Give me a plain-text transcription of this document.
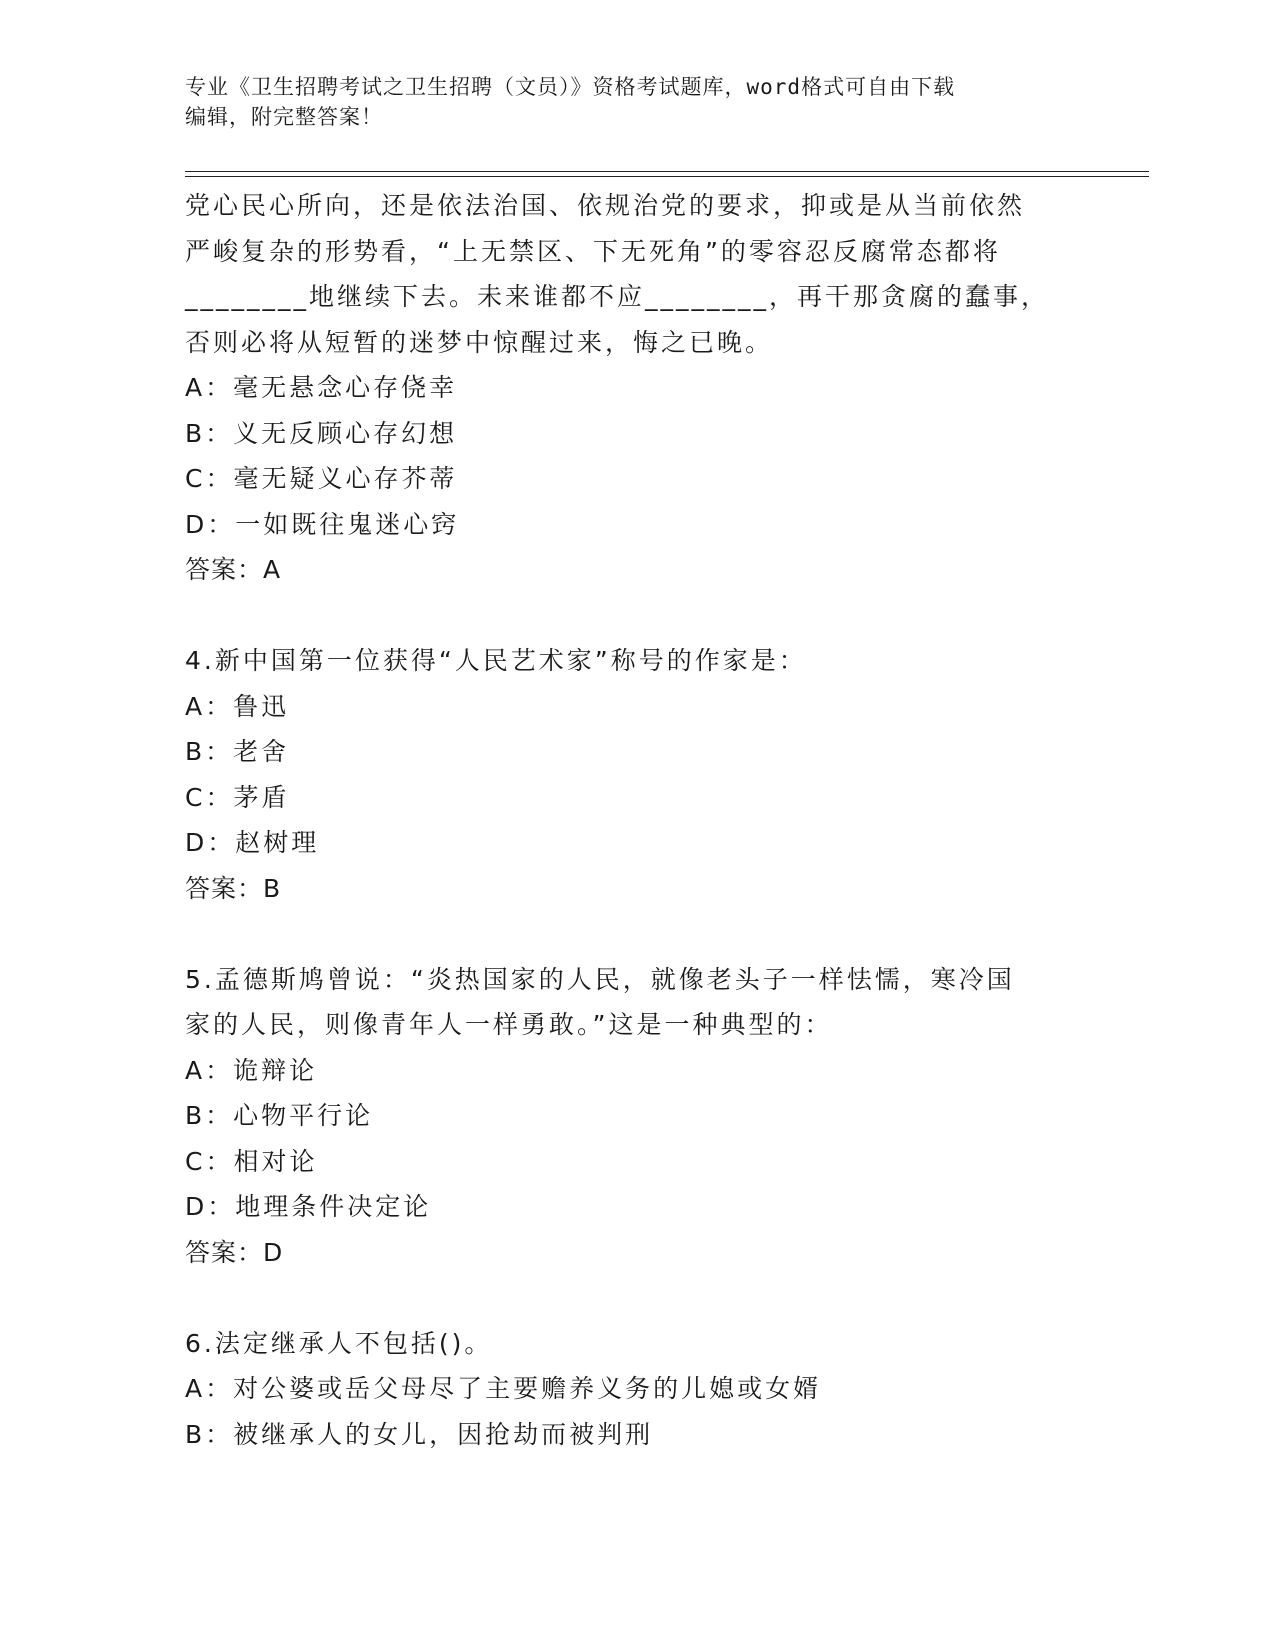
专业《卫生招聘考试之卫生招聘（文员）》资格考试题库，word格式可自由下载
编辑，附完整答案！
党心民心所向，还是依法治国、依规治党的要求，抑或是从当前依然
严峻复杂的形势看，“上无禁区、下无死角”的零容忍反腐常态都将
________地继续下去。未来谁都不应________，再干那贪腐的蠢事，
否则必将从短暂的迷梦中惊醒过来，悔之已晚。
A：毫无悬念心存侥幸
B：义无反顾心存幻想
C：毫无疑义心存芥蒂
D：一如既往鬼迷心窍
答案：A
4.新中国第一位获得“人民艺术家”称号的作家是：
A：鲁迅
B：老舍
C：茅盾
D：赵树理
答案：B
5.孟德斯鸠曾说：“炎热国家的人民，就像老头子一样怯懦，寒冷国
家的人民，则像青年人一样勇敢。”这是一种典型的：
A：诡辩论
B：心物平行论
C：相对论
D：地理条件决定论
答案：D
6.法定继承人不包括()。
A：对公婆或岳父母尽了主要赡养义务的儿媳或女婿
B：被继承人的女儿，因抢劫而被判刑
